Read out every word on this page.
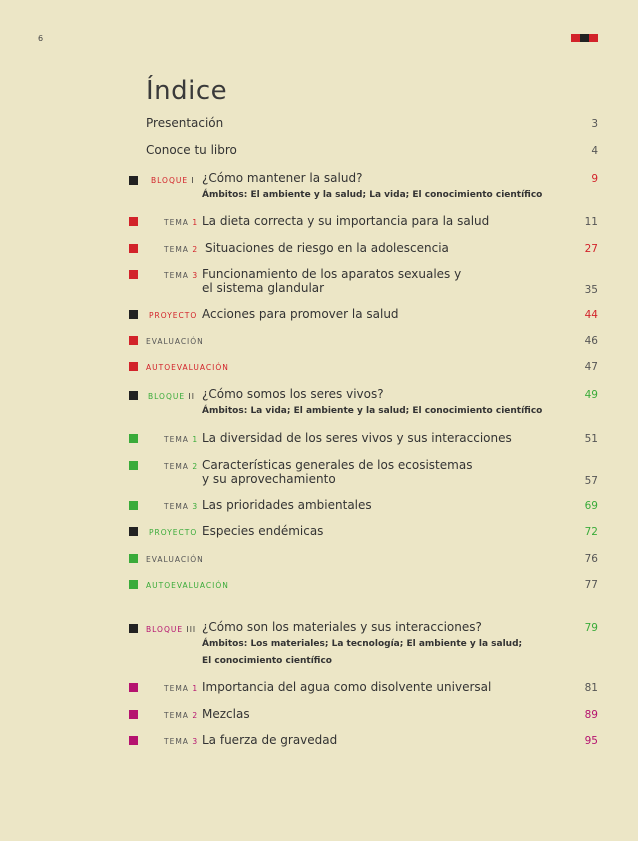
6
Índice
Presentación	3
Conoce tu libro	4
BLOQUE I ¿Cómo mantener la salud?	9
Ámbitos: El ambiente y la salud; La vida; El conocimiento científico
TEMA 1 La dieta correcta y su importancia para la salud	11
TEMA 2 Situaciones de riesgo en la adolescencia	27
TEMA 3 Funcionamiento de los aparatos sexuales y
el sistema glandular	35
PROYECTO Acciones para promover la salud	44
EVALUACIÓN	46
AUTOEVALUACIÓN	47
BLOQUE II ¿Cómo somos los seres vivos?	49
Ámbitos: La vida; El ambiente y la salud; El conocimiento científico
TEMA 1 La diversidad de los seres vivos y sus interacciones	51
TEMA 2 Características generales de los ecosistemas
y su aprovechamiento	57
TEMA 3 Las prioridades ambientales	69
PROYECTO Especies endémicas	72
EVALUACIÓN	76
AUTOEVALUACIÓN	77
BLOQUE III ¿Cómo son los materiales y sus interacciones?	79
Ámbitos: Los materiales; La tecnología; El ambiente y la salud;
El conocimiento científico
TEMA 1 Importancia del agua como disolvente universal	81
TEMA 2 Mezclas	89
TEMA 3 La fuerza de gravedad	95
